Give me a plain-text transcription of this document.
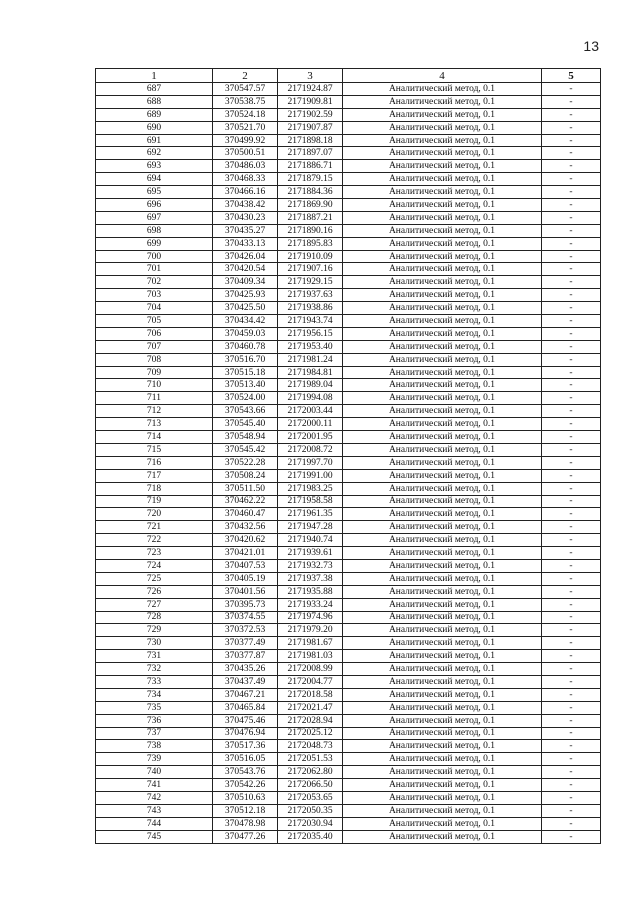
13
1	2	3	4	5
687	370547.57	2171924.87	Аналитический метод, 0.1	-
688	370538.75	2171909.81	Аналитический метод, 0.1	-
689	370524.18	2171902.59	Аналитический метод, 0.1	-
690	370521.70	2171907.87	Аналитический метод, 0.1	-
691	370499.92	2171898.18	Аналитический метод, 0.1	-
692	370500.51	2171897.07	Аналитический метод, 0.1	-
693	370486.03	2171886.71	Аналитический метод, 0.1	-
694	370468.33	2171879.15	Аналитический метод, 0.1	-
695	370466.16	2171884.36	Аналитический метод, 0.1	-
696	370438.42	2171869.90	Аналитический метод, 0.1	-
697	370430.23	2171887.21	Аналитический метод, 0.1	-
698	370435.27	2171890.16	Аналитический метод, 0.1	-
699	370433.13	2171895.83	Аналитический метод, 0.1	-
700	370426.04	2171910.09	Аналитический метод, 0.1	-
701	370420.54	2171907.16	Аналитический метод, 0.1	-
702	370409.34	2171929.15	Аналитический метод, 0.1	-
703	370425.93	2171937.63	Аналитический метод, 0.1	-
704	370425.50	2171938.86	Аналитический метод, 0.1	-
705	370434.42	2171943.74	Аналитический метод, 0.1	-
706	370459.03	2171956.15	Аналитический метод, 0.1	-
707	370460.78	2171953.40	Аналитический метод, 0.1	-
708	370516.70	2171981.24	Аналитический метод, 0.1	-
709	370515.18	2171984.81	Аналитический метод, 0.1	-
710	370513.40	2171989.04	Аналитический метод, 0.1	-
711	370524.00	2171994.08	Аналитический метод, 0.1	-
712	370543.66	2172003.44	Аналитический метод, 0.1	-
713	370545.40	2172000.11	Аналитический метод, 0.1	-
714	370548.94	2172001.95	Аналитический метод, 0.1	-
715	370545.42	2172008.72	Аналитический метод, 0.1	-
716	370522.28	2171997.70	Аналитический метод, 0.1	-
717	370508.24	2171991.00	Аналитический метод, 0.1	-
718	370511.50	2171983.25	Аналитический метод, 0.1	-
719	370462.22	2171958.58	Аналитический метод, 0.1	-
720	370460.47	2171961.35	Аналитический метод, 0.1	-
721	370432.56	2171947.28	Аналитический метод, 0.1	-
722	370420.62	2171940.74	Аналитический метод, 0.1	-
723	370421.01	2171939.61	Аналитический метод, 0.1	-
724	370407.53	2171932.73	Аналитический метод, 0.1	-
725	370405.19	2171937.38	Аналитический метод, 0.1	-
726	370401.56	2171935.88	Аналитический метод, 0.1	-
727	370395.73	2171933.24	Аналитический метод, 0.1	-
728	370374.55	2171974.96	Аналитический метод, 0.1	-
729	370372.53	2171979.20	Аналитический метод, 0.1	-
730	370377.49	2171981.67	Аналитический метод, 0.1	-
731	370377.87	2171981.03	Аналитический метод, 0.1	-
732	370435.26	2172008.99	Аналитический метод, 0.1	-
733	370437.49	2172004.77	Аналитический метод, 0.1	-
734	370467.21	2172018.58	Аналитический метод, 0.1	-
735	370465.84	2172021.47	Аналитический метод, 0.1	-
736	370475.46	2172028.94	Аналитический метод, 0.1	-
737	370476.94	2172025.12	Аналитический метод, 0.1	-
738	370517.36	2172048.73	Аналитический метод, 0.1	-
739	370516.05	2172051.53	Аналитический метод, 0.1	-
740	370543.76	2172062.80	Аналитический метод, 0.1	-
741	370542.26	2172066.50	Аналитический метод, 0.1	-
742	370510.63	2172053.65	Аналитический метод, 0.1	-
743	370512.18	2172050.35	Аналитический метод, 0.1	-
744	370478.98	2172030.94	Аналитический метод, 0.1	-
745	370477.26	2172035.40	Аналитический метод, 0.1	-
